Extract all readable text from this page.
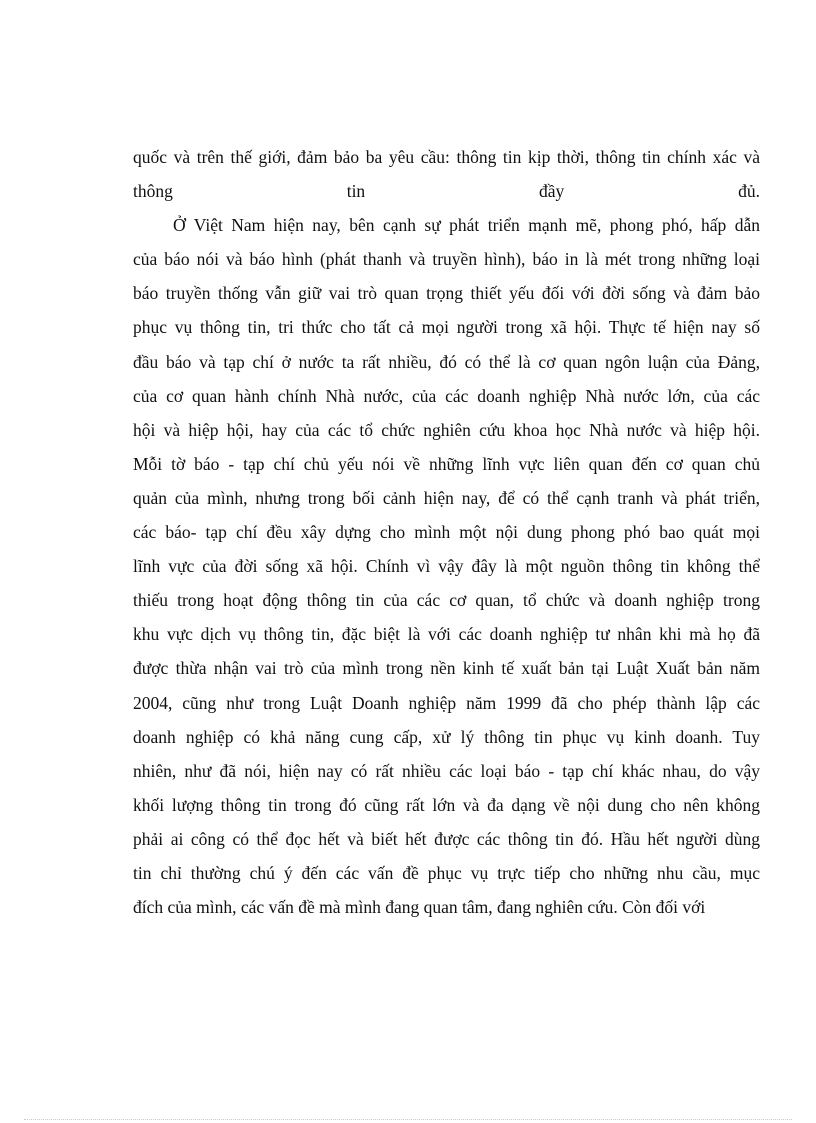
quốc và trên thế giới, đảm bảo ba yêu cầu: thông tin kịp thời, thông tin chính xác và
thông	tin	đầy	đủ.
Ở Việt Nam hiện nay, bên cạnh sự phát triển mạnh mẽ, phong phó, hấp dẫn
của báo nói và báo hình (phát thanh và truyền hình), báo in là mét trong những loại
báo truyền thống vẫn giữ vai trò quan trọng thiết yếu đối với đời sống và đảm bảo
phục vụ thông tin, tri thức cho tất cả mọi người trong xã hội. Thực tế hiện nay số
đầu báo và tạp chí ở nước ta rất nhiều, đó có thể là cơ quan ngôn luận của Đảng,
của cơ quan hành chính Nhà nước, của các doanh nghiệp Nhà nước lớn, của các
hội và hiệp hội, hay của các tổ chức nghiên cứu khoa học Nhà nước và hiệp hội.
Mỗi tờ báo - tạp chí chủ yếu nói về những lĩnh vực liên quan đến cơ quan chủ
quản của mình, nhưng trong bối cảnh hiện nay, để có thể cạnh tranh và phát triển,
các báo- tạp chí đều xây dựng cho mình một nội dung phong phó bao quát mọi
lĩnh vực của đời sống xã hội. Chính vì vậy đây là một nguồn thông tin không thể
thiếu trong hoạt động thông tin của các cơ quan, tổ chức và doanh nghiệp trong
khu vực dịch vụ thông tin, đặc biệt là với các doanh nghiệp tư nhân khi mà họ đã
được thừa nhận vai trò của mình trong nền kinh tế xuất bản tại Luật Xuất bản năm
2004, cũng như trong Luật Doanh nghiệp năm 1999 đã cho phép thành lập các
doanh nghiệp có khả năng cung cấp, xử lý thông tin phục vụ kinh doanh. Tuy
nhiên, như đã nói, hiện nay có rất nhiều các loại báo - tạp chí khác nhau, do vậy
khối lượng thông tin trong đó cũng rất lớn và đa dạng về nội dung cho nên không
phải ai công có thể đọc hết và biết hết được các thông tin đó. Hầu hết người dùng
tin chỉ thường chú ý đến các vấn đề phục vụ trực tiếp cho những nhu cầu, mục
đích của mình, các vấn đề mà mình đang quan tâm, đang nghiên cứu. Còn đối với
